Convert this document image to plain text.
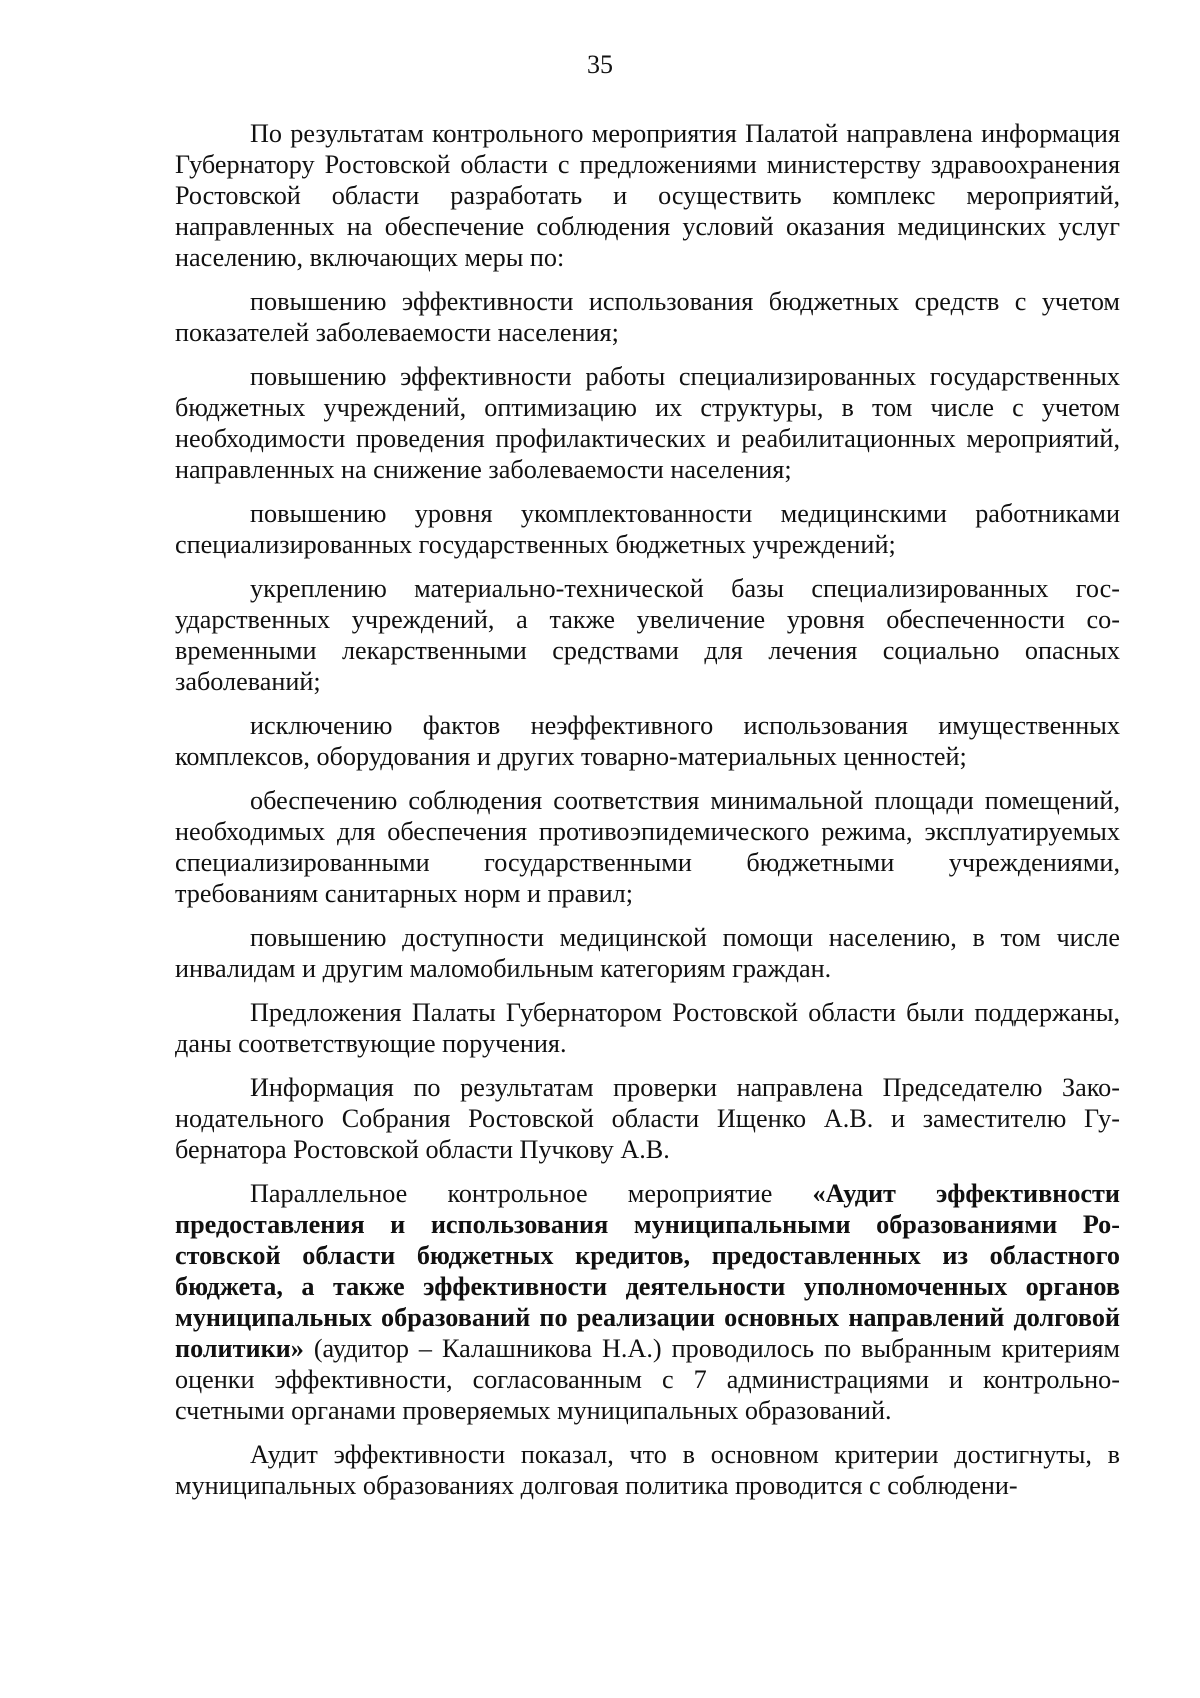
35

По результатам контрольного мероприятия Палатой направлена информация Губернатору Ростовской области с предложениями министерству здравоохранения Ростовской области разработать и осуществить комплекс мероприятий, направленных на обеспечение соблюдения условий оказания медицинских услуг населению, включающих меры по:

повышению эффективности использования бюджетных средств с учетом показателей заболеваемости населения;

повышению эффективности работы специализированных государственных бюджетных учреждений, оптимизацию их структуры, в том числе с учетом необходимости проведения профилактических и реабилитационных мероприятий, направленных на снижение заболеваемости населения;

повышению уровня укомплектованности медицинскими работниками специализированных государственных бюджетных учреждений;

укреплению материально-технической базы специализированных государственных учреждений, а также увеличение уровня обеспеченности современными лекарственными средствами для лечения социально опасных заболеваний;

исключению фактов неэффективного использования имущественных комплексов, оборудования и других товарно-материальных ценностей;

обеспечению соблюдения соответствия минимальной площади помещений, необходимых для обеспечения противоэпидемического режима, эксплуатируемых специализированными государственными бюджетными учреждениями, требованиям санитарных норм и правил;

повышению доступности медицинской помощи населению, в том числе инвалидам и другим маломобильным категориям граждан.

Предложения Палаты Губернатором Ростовской области были поддержаны, даны соответствующие поручения.

Информация по результатам проверки направлена Председателю Законодательного Собрания Ростовской области Ищенко А.В. и заместителю Губернатора Ростовской области Пучкову А.В.

Параллельное контрольное мероприятие «Аудит эффективности предоставления и использования муниципальными образованиями Ростовской области бюджетных кредитов, предоставленных из областного бюджета, а также эффективности деятельности уполномоченных органов муниципальных образований по реализации основных направлений долговой политики» (аудитор – Калашникова Н.А.) проводилось по выбранным критериям оценки эффективности, согласованным с 7 администрациями и контрольно-счетными органами проверяемых муниципальных образований.

Аудит эффективности показал, что в основном критерии достигнуты, в муниципальных образованиях долговая политика проводится с соблюдени-
